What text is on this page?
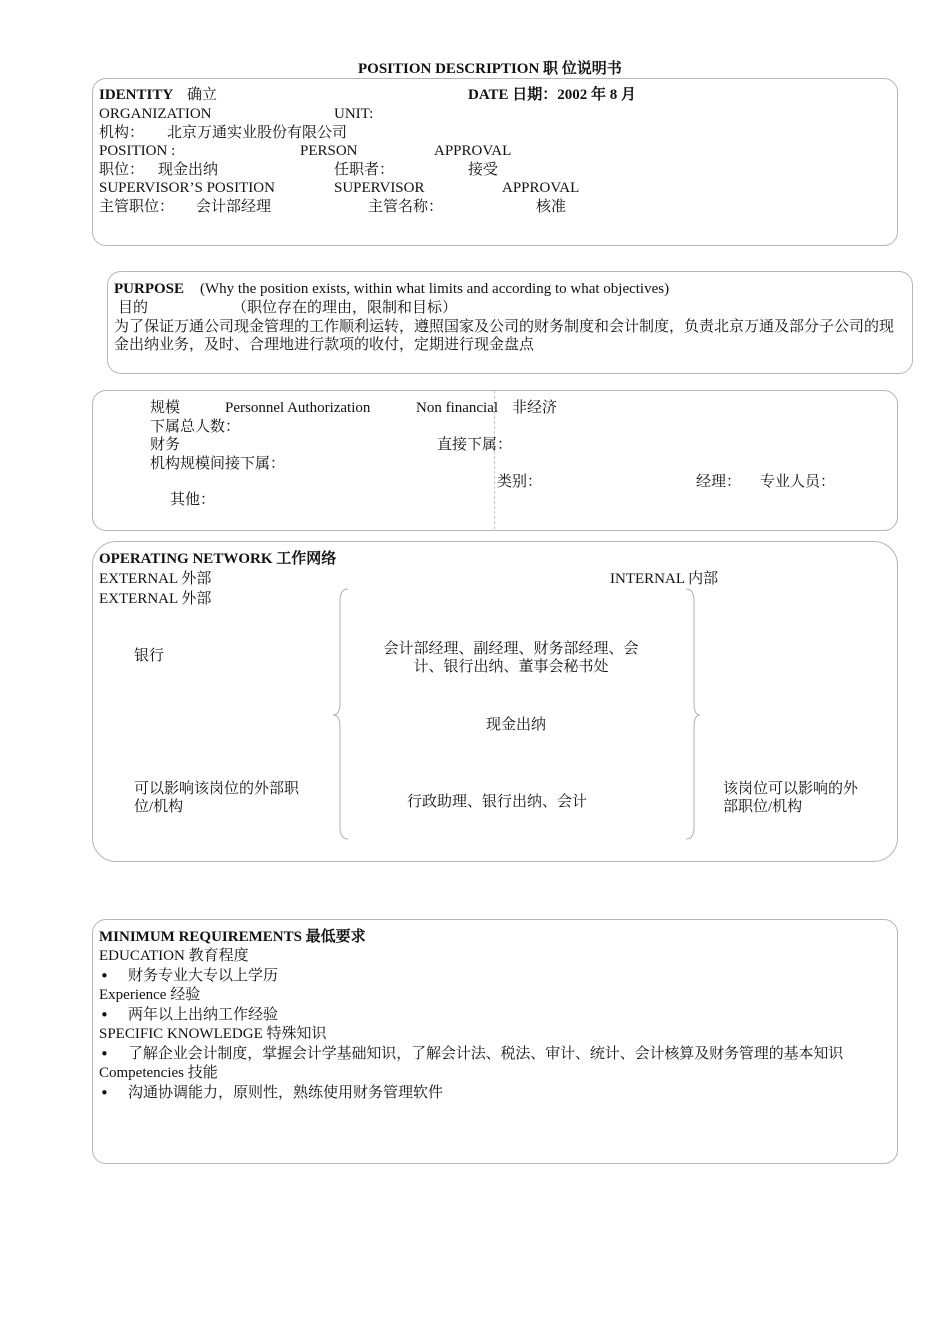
POSITION DESCRIPTION 职 位说明书
IDENTITY 确立	DATE 日期：2002 年 8 月
ORGANIZATION	UNIT:
机构： 北京万通实业股份有限公司
POSITION :	PERSON	APPROVAL
职位： 现金出纳	任职者：	接受
SUPERVISOR’S POSITION	SUPERVISOR	APPROVAL
主管职位： 会计部经理	主管名称：	核准
PURPOSE (Why the position exists, within what limits and according to what objectives)
目的	（职位存在的理由，限制和目标）
为了保证万通公司现金管理的工作顺利运转，遵照国家及公司的财务制度和会计制度，负责北京万通及部分子公司的现金出纳业务，及时、合理地进行款项的收付，定期进行现金盘点
规模	Personnel Authorization	Non financial 非经济
下属总人数：
财务	直接下属：
机构规模间接下属：
类别：	经理： 专业人员：
其他：
OPERATING NETWORK 工作网络
EXTERNAL 外部	INTERNAL 内部
EXTERNAL 外部
银行	会计部经理、副经理、财务部经理、会计、银行出纳、董事会秘书处
现金出纳
可以影响该岗位的外部职位/机构	行政助理、银行出纳、会计
该岗位可以影响的外部职位/机构
MINIMUM REQUIREMENTS 最低要求
EDUCATION 教育程度
• 财务专业大专以上学历
Experience 经验
• 两年以上出纳工作经验
SPECIFIC KNOWLEDGE 特殊知识
• 了解企业会计制度，掌握会计学基础知识，了解会计法、税法、审计、统计、会计核算及财务管理的基本知识
Competencies 技能
• 沟通协调能力，原则性，熟练使用财务管理软件
